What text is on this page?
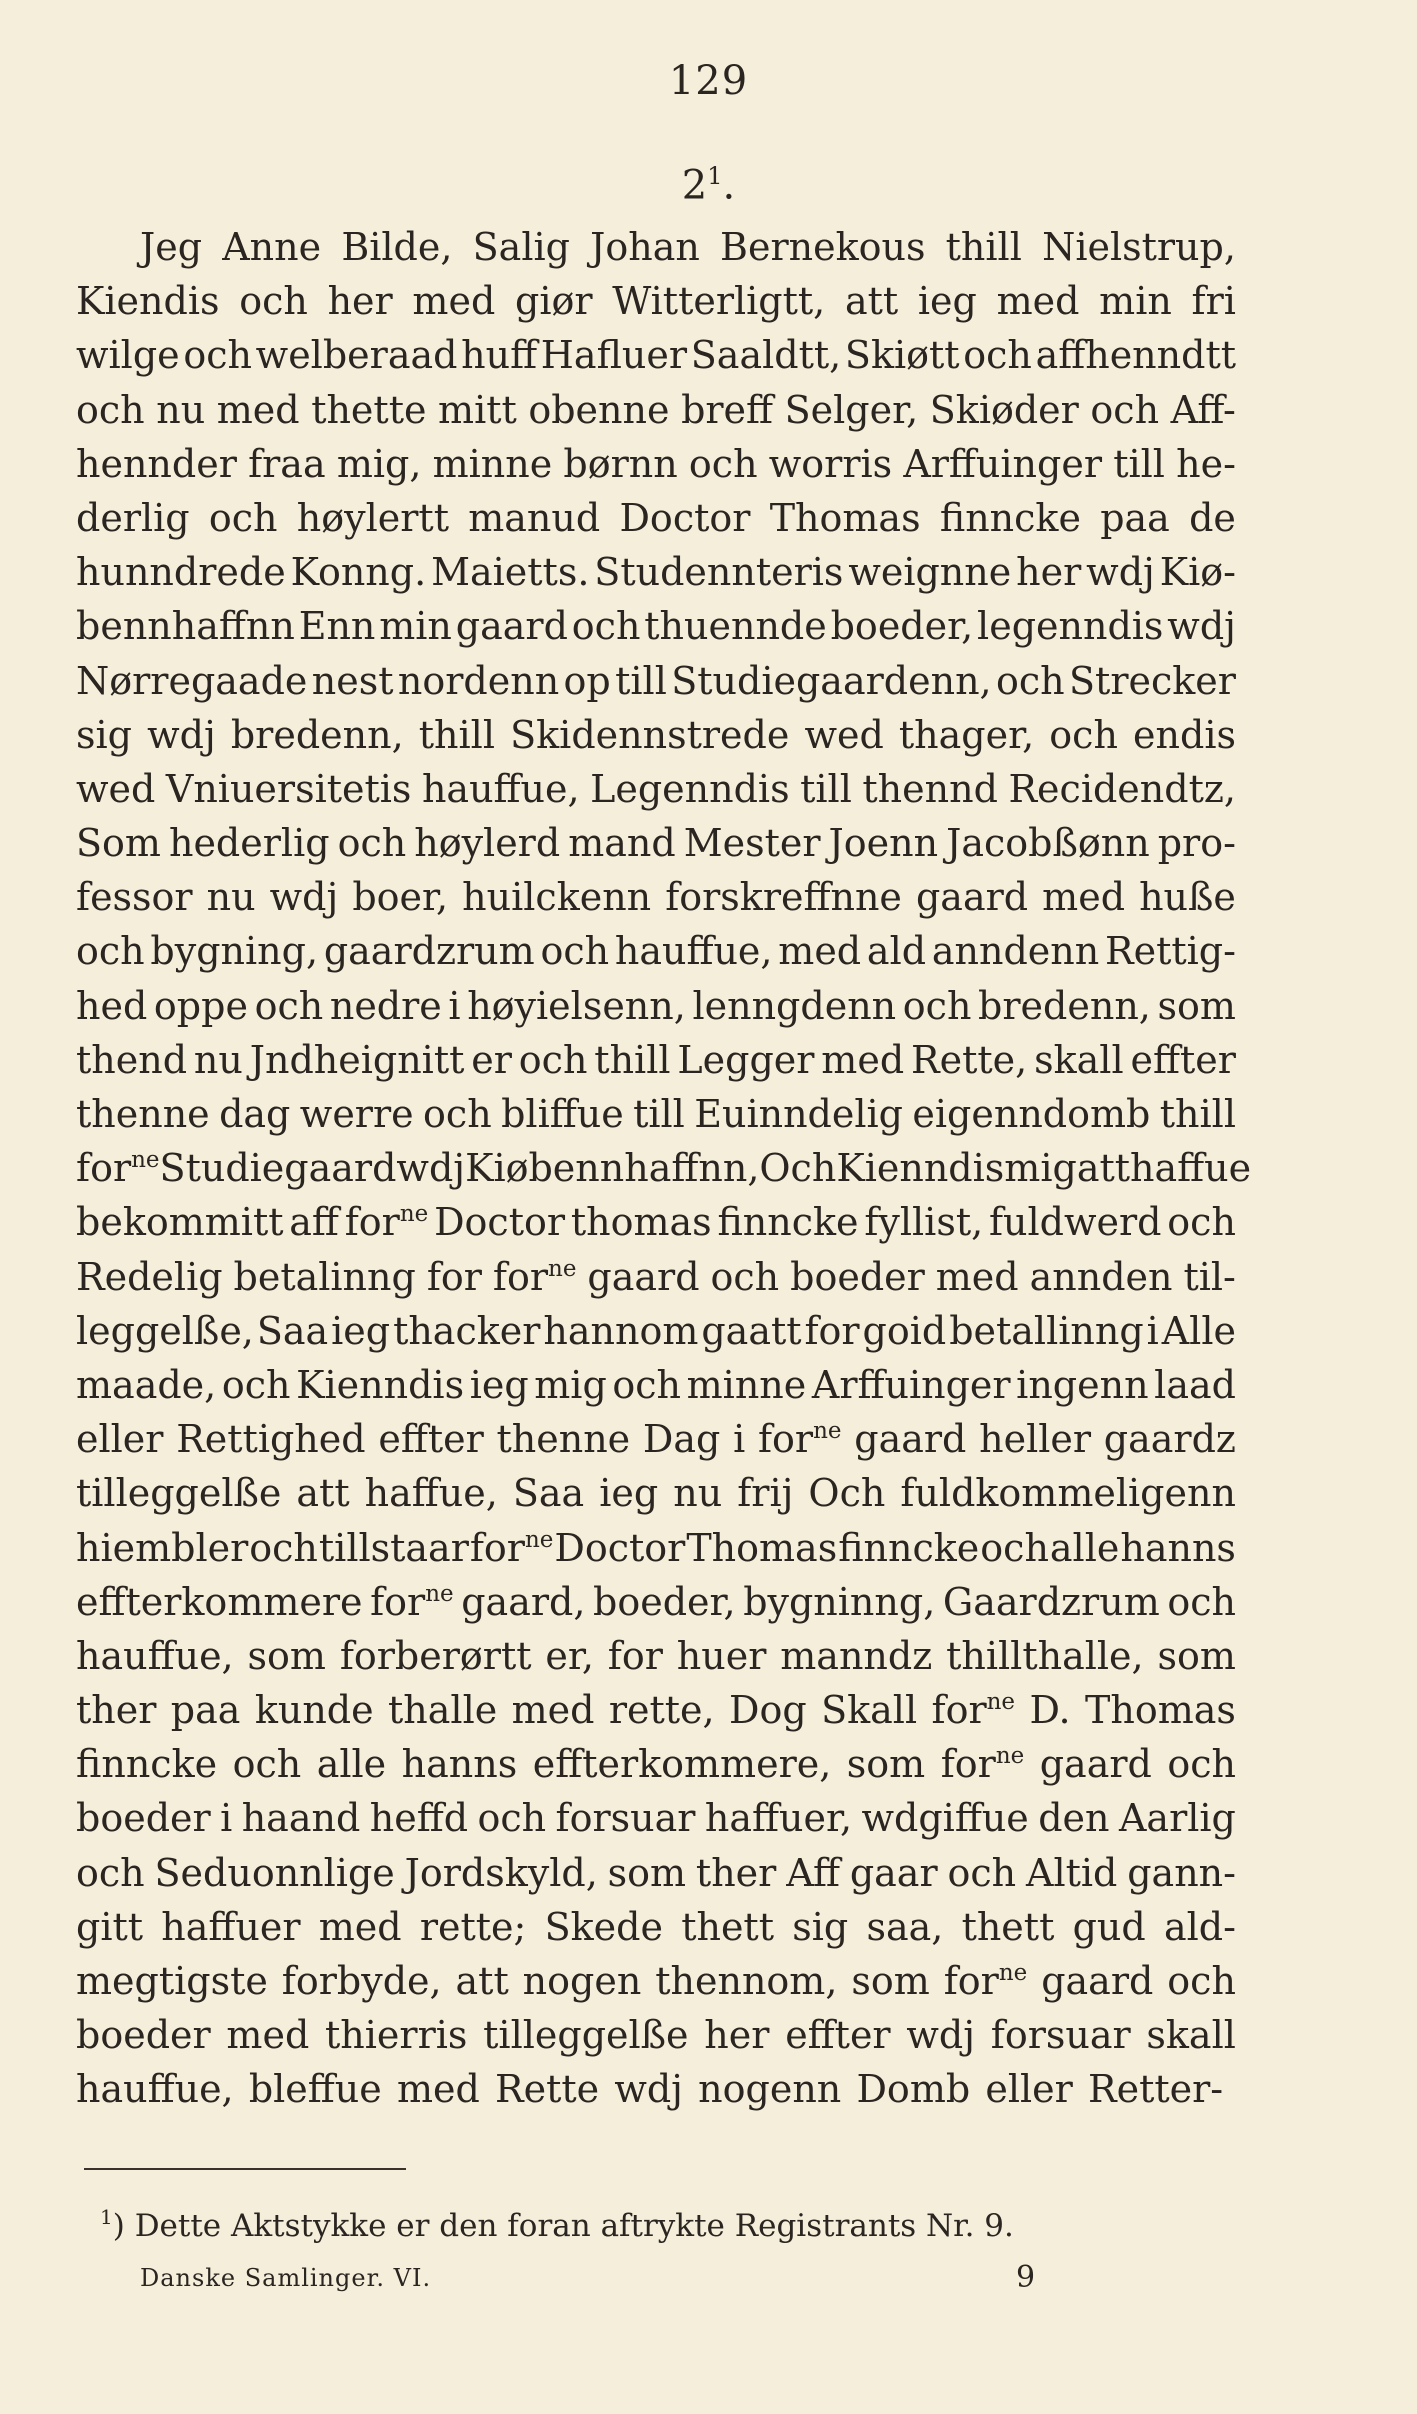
129
$2^1$.
Jeg Anne Bilde, Salig Johan Bernekous thill Nielstrup,
Kiendis och her med giør Witterligtt, att ieg med min fri
wilge och welberaad huff Hafluer Saaldtt, Skiøtt och affhenndtt
och nu med thette mitt obenne breff Selger, Skiøder och Aff-
hennder fraa mig, minne børnn och worris Arffuinger till he-
derlig och høylertt manud Doctor Thomas finncke paa de
hunndrede Konng. Maietts. Studennteris weignne her wdj Kiø-
bennhaffnn Enn min gaard och thuennde boeder, legenndis wdj
Nørregaade nest nordenn op till Studiegaardenn, och Strecker
sig wdj bredenn, thill Skidennstrede wed thager, och endis
wed Vniuersitetis hauffue, Legenndis till thennd Recidendtz,
Som hederlig och høylerd mand Mester Joenn Jacobßønn pro-
fessor nu wdj boer, huilckenn forskreffnne gaard med huße
och bygning, gaardzrum och hauffue, med ald anndenn Rettig-
hed oppe och nedre i høyielsenn, lenngdenn och bredenn, som
thend nu Jndheignitt er och thill Legger med Rette, skall effter
thenne dag werre och bliffue till Euinndelig eigenndomb thill
for$^{ne}$ Studiegaard wdj Kiøbennhaffnn, Och Kienndis mig att haffue
bekommitt aff for$^{ne}$ Doctor thomas finncke fyllist, fuldwerd och
Redelig betalinng for for$^{ne}$ gaard och boeder med annden til-
leggelße, Saa ieg thacker hannom gaatt for goid betallinng i Alle
maade, och Kienndis ieg mig och minne Arffuinger ingenn laad
eller Rettighed effter thenne Dag i for$^{ne}$ gaard heller gaardz
tilleggelße att haffue, Saa ieg nu frij Och fuldkommeligenn
hiembler och tillstaar for$^{ne}$ Doctor Thomas finncke och alle hanns
effterkommere for$^{ne}$ gaard, boeder, bygninng, Gaardzrum och
hauffue, som forberørtt er, for huer manndz thillthalle, som
ther paa kunde thalle med rette, Dog Skall for$^{ne}$ D. Thomas
finncke och alle hanns effterkommere, som for$^{ne}$ gaard och
boeder i haand heffd och forsuar haffuer, wdgiffue den Aarlig
och Seduonnlige Jordskyld, som ther Aff gaar och Altid gann-
gitt haffuer med rette; Skede thett sig saa, thett gud ald-
megtigste forbyde, att nogen thennom, som for$^{ne}$ gaard och
boeder med thierris tilleggelße her effter wdj forsuar skall
hauffue, bleffue med Rette wdj nogenn Domb eller Retter-
$^1$) Dette Aktstykke er den foran aftrykte Registrants Nr. 9.
Danske Samlinger. VI.	9
